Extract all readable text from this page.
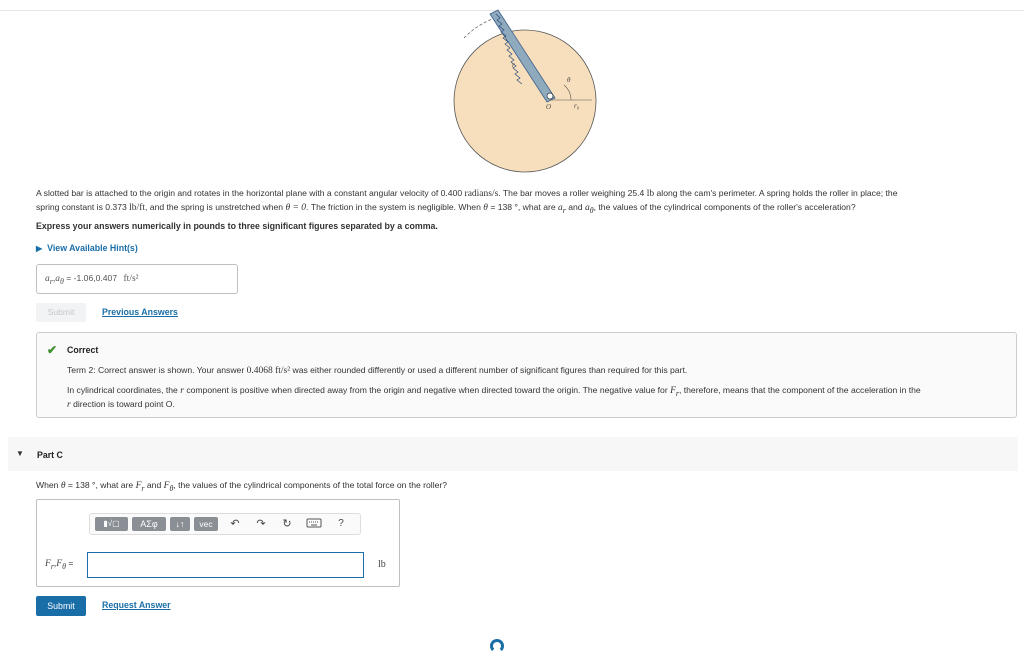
r
θ
O	r₀
A slotted bar is attached to the origin and rotates in the horizontal plane with a constant angular velocity of 0.400 radians/s. The bar moves a roller weighing 25.4 lb along the cam's perimeter. A spring holds the roller in place; the
spring constant is 0.373 lb/ft, and the spring is unstretched when θ = 0. The friction in the system is negligible. When θ = 138 °, what are $a_r$ and $a_\theta$, the values of the cylindrical components of the roller's acceleration?
Express your answers numerically in pounds to three significant figures separated by a comma.
▶ View Available Hint(s)
$a_r,a_\theta = -1.06,0.407$ ft/s²
Submit	Previous Answers
✔ Correct
Term 2: Correct answer is shown. Your answer 0.4068 ft/s² was either rounded differently or used a different number of significant figures than required for this part.
In cylindrical coordinates, the r component is positive when directed away from the origin and negative when directed toward the origin. The negative value for $F_r$, therefore, means that the component of the acceleration in the
r direction is toward point O.
▼ Part C
When θ = 138 °, what are $F_r$ and $F_\theta$, the values of the cylindrical components of the total force on the roller?
▮√▢	ΑΣφ	↓↑	vec	↶ ↷ ↻	?
$F_r,F_\theta$ =	lb
Submit	Request Answer
